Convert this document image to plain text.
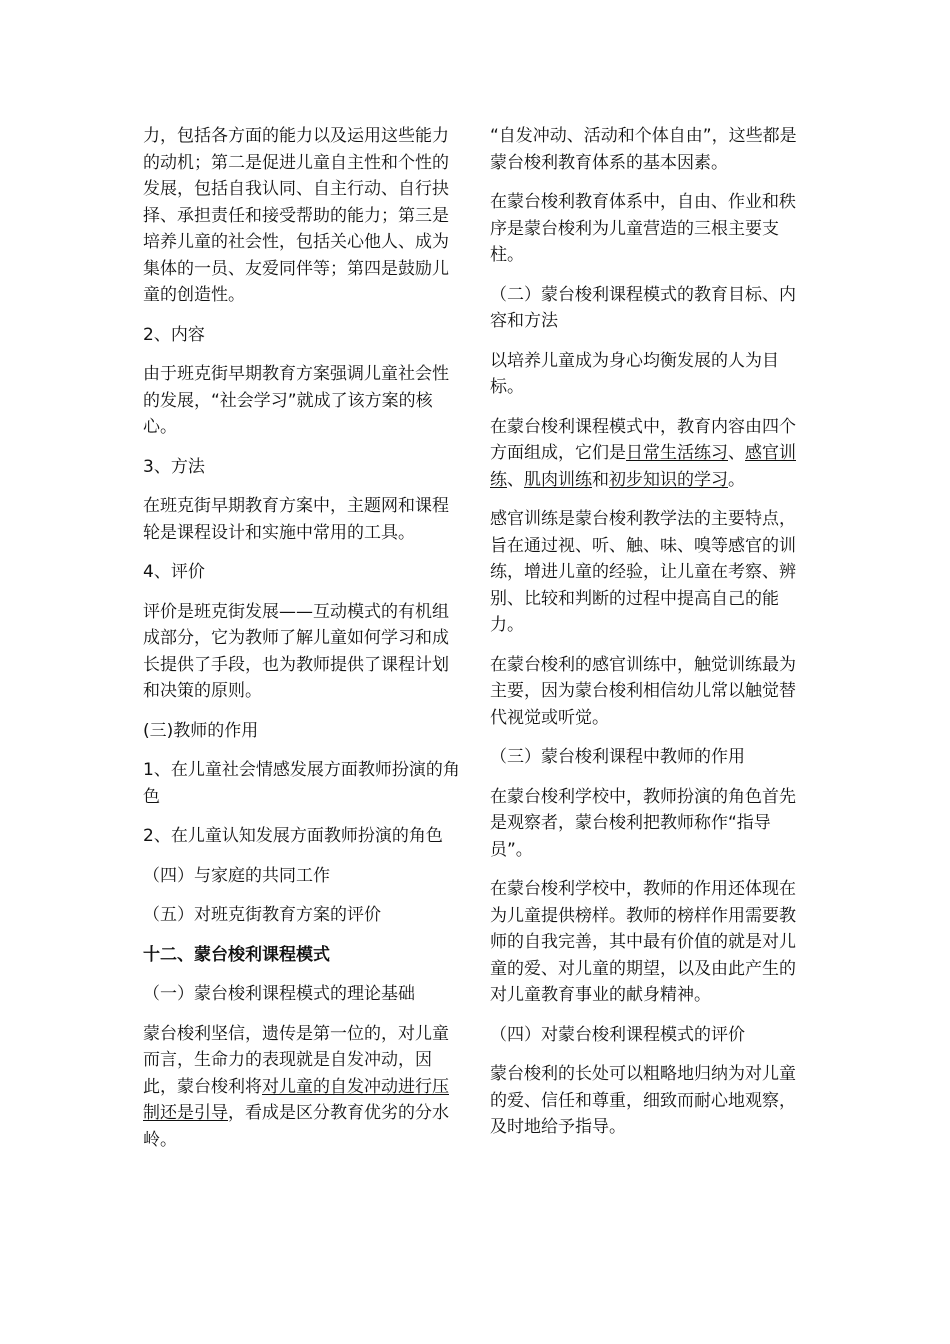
力，包括各方面的能力以及运用这些能力的动机；第二是促进儿童自主性和个性的发展，包括自我认同、自主行动、自行抉择、承担责任和接受帮助的能力；第三是培养儿童的社会性，包括关心他人、成为集体的一员、友爱同伴等；第四是鼓励儿童的创造性。

2、内容

由于班克街早期教育方案强调儿童社会性的发展，“社会学习”就成了该方案的核心。

3、方法

在班克街早期教育方案中，主题网和课程轮是课程设计和实施中常用的工具。

4、评价

评价是班克街发展——互动模式的有机组成部分，它为教师了解儿童如何学习和成长提供了手段，也为教师提供了课程计划和决策的原则。

(三)教师的作用

1、在儿童社会情感发展方面教师扮演的角色

2、在儿童认知发展方面教师扮演的角色

（四）与家庭的共同工作

（五）对班克街教育方案的评价

十二、蒙台梭利课程模式

（一）蒙台梭利课程模式的理论基础

蒙台梭利坚信，遗传是第一位的，对儿童而言，生命力的表现就是自发冲动，因此，蒙台梭利将对儿童的自发冲动进行压制还是引导，看成是区分教育优劣的分水岭。

“自发冲动、活动和个体自由”，这些都是蒙台梭利教育体系的基本因素。

在蒙台梭利教育体系中，自由、作业和秩序是蒙台梭利为儿童营造的三根主要支柱。

（二）蒙台梭利课程模式的教育目标、内容和方法

以培养儿童成为身心均衡发展的人为目标。

在蒙台梭利课程模式中，教育内容由四个方面组成，它们是日常生活练习、感官训练、肌肉训练和初步知识的学习。

感官训练是蒙台梭利教学法的主要特点，旨在通过视、听、触、味、嗅等感官的训练，增进儿童的经验，让儿童在考察、辨别、比较和判断的过程中提高自己的能力。

在蒙台梭利的感官训练中，触觉训练最为主要，因为蒙台梭利相信幼儿常以触觉替代视觉或听觉。

（三）蒙台梭利课程中教师的作用

在蒙台梭利学校中，教师扮演的角色首先是观察者，蒙台梭利把教师称作“指导员”。

在蒙台梭利学校中，教师的作用还体现在为儿童提供榜样。教师的榜样作用需要教师的自我完善，其中最有价值的就是对儿童的爱、对儿童的期望，以及由此产生的对儿童教育事业的献身精神。

（四）对蒙台梭利课程模式的评价

蒙台梭利的长处可以粗略地归纳为对儿童的爱、信任和尊重，细致而耐心地观察，及时地给予指导。
